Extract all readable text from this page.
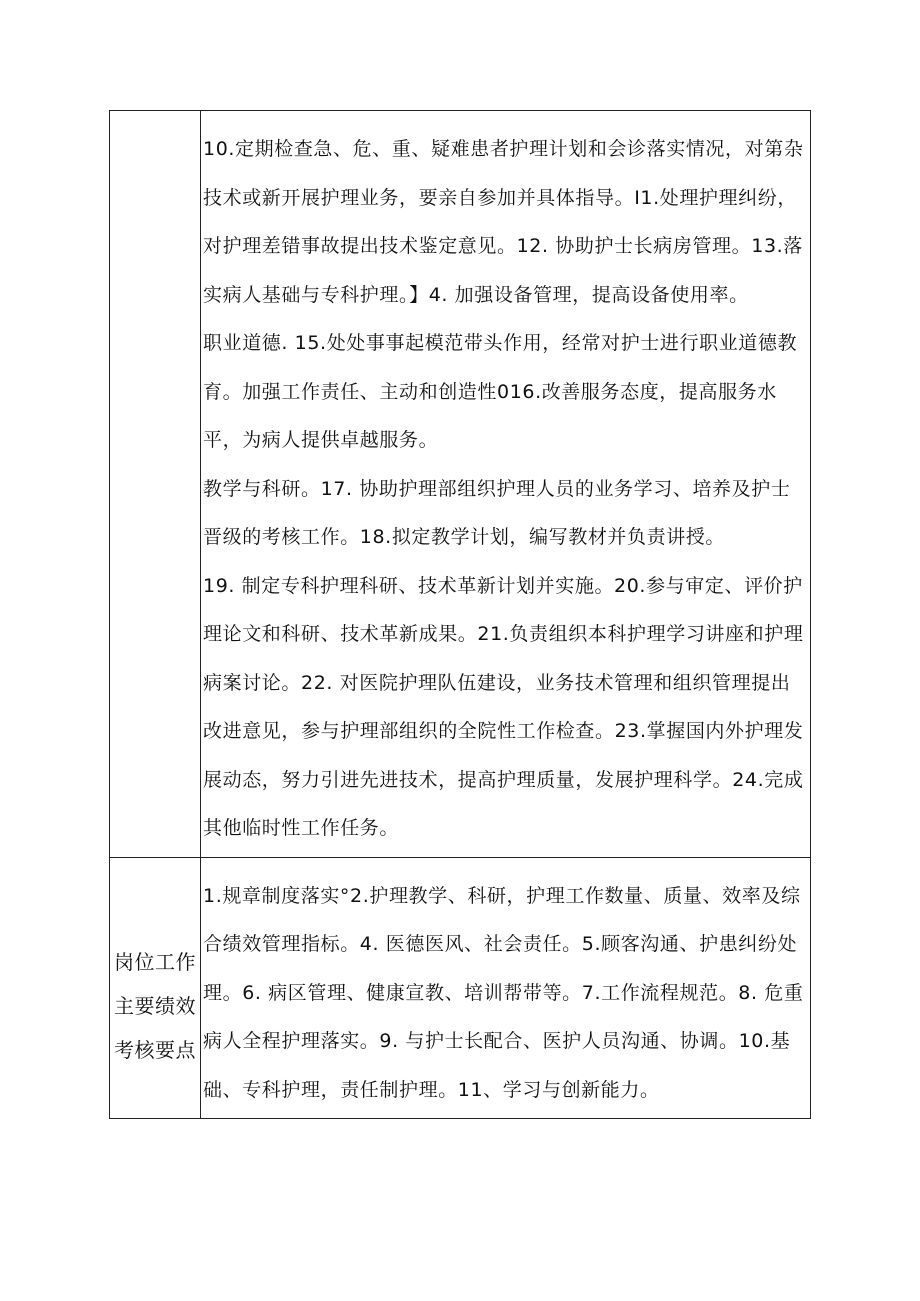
	10.定期检查急、危、重、疑难患者护理计划和会诊落实情况，对第杂技术或新开展护理业务，要亲自参加并具体指导。I1.处理护理纠纷，对护理差错事故提出技术鉴定意见。12. 协助护士长病房管理。13.落实病人基础与专科护理。】4. 加强设备管理，提高设备使用率。

职业道德. 15.处处事事起模范带头作用，经常对护士进行职业道德教育。加强工作责任、主动和创造性016.改善服务态度，提高服务水平，为病人提供卓越服务。

教学与科研。17. 协助护理部组织护理人员的业务学习、培养及护士晋级的考核工作。18.拟定教学计划，编写教材并负责讲授。

19. 制定专科护理科研、技术革新计划并实施。20.参与审定、评价护理论文和科研、技术革新成果。21.负责组织本科护理学习讲座和护理病案讨论。22. 对医院护理队伍建设，业务技术管理和组织管理提出改进意见，参与护理部组织的全院性工作检查。23.掌握国内外护理发展动态，努力引进先进技术，提高护理质量，发展护理科学。24.完成其他临时性工作任务。

岗位工作主要绩效考核要点	1.规章制度落实°2.护理教学、科研，护理工作数量、质量、效率及综合绩效管理指标。4. 医德医风、社会责任。5.顾客沟通、护患纠纷处理。6. 病区管理、健康宣教、培训帮带等。7.工作流程规范。8. 危重病人全程护理落实。9. 与护士长配合、医护人员沟通、协调。10.基础、专科护理，责任制护理。11、学习与创新能力。
